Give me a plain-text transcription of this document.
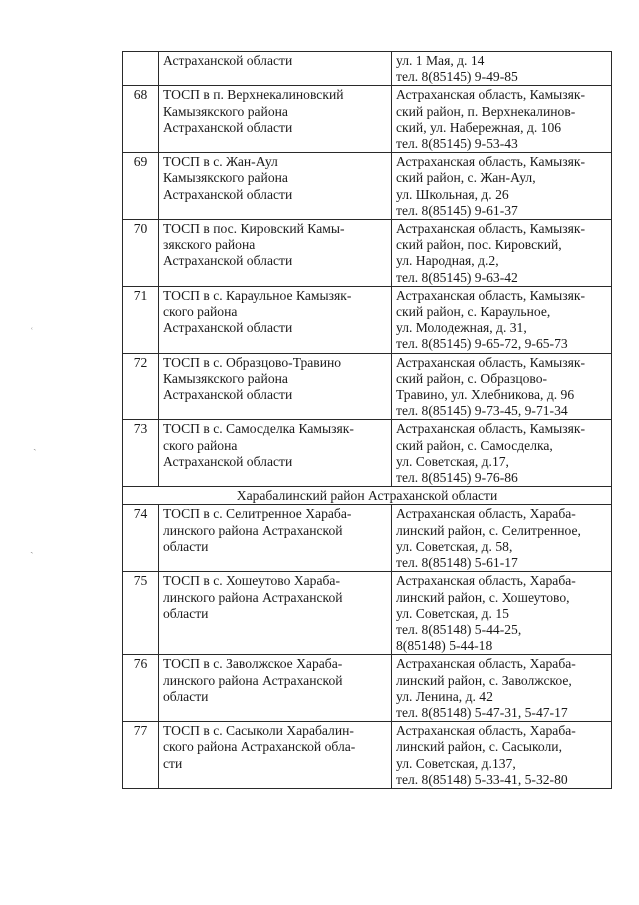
ʿ
ˎ
ˏ

	Астраханской области	ул. 1 Мая, д. 14
тел. 8(85145) 9-49-85

68	ТОСП в п. Верхнекалиновский
Камызякского района
Астраханской области	Астраханская область, Камызяк-
ский район, п. Верхнекалинов-
ский, ул. Набережная, д. 106
тел. 8(85145) 9-53-43

69	ТОСП в с. Жан-Аул
Камызякского района
Астраханской области	Астраханская область, Камызяк-
ский район, с. Жан-Аул,
ул. Школьная, д. 26
тел. 8(85145) 9-61-37

70	ТОСП в пос. Кировский Камы-
зякского района
Астраханской области	Астраханская область, Камызяк-
ский район, пос. Кировский,
ул. Народная, д.2,
тел. 8(85145) 9-63-42

71	ТОСП в с. Караульное Камызяк-
ского района
Астраханской области	Астраханская область, Камызяк-
ский район, с. Караульное,
ул. Молодежная, д. 31,
тел. 8(85145) 9-65-72, 9-65-73

72	ТОСП в с. Образцово-Травино
Камызякского района
Астраханской области	Астраханская область, Камызяк-
ский район, с. Образцово-
Травино, ул. Хлебникова, д. 96
тел. 8(85145) 9-73-45, 9-71-34

73	ТОСП в с. Самосделка Камызяк-
ского района
Астраханской области	Астраханская область, Камызяк-
ский район, с. Самосделка,
ул. Советская, д.17,
тел. 8(85145) 9-76-86

Харабалинский район Астраханской области		
74	ТОСП в с. Селитренное Хараба-
линского района Астраханской
области	Астраханская область, Хараба-
линский район, с. Селитренное,
ул. Советская, д. 58,
тел. 8(85148) 5-61-17

75	ТОСП в с. Хошеутово Хараба-
линского района Астраханской
области	Астраханская область, Хараба-
линский район, с. Хошеутово,
ул. Советская, д. 15
тел. 8(85148) 5-44-25,
8(85148) 5-44-18

76	ТОСП в с. Заволжское Хараба-
линского района Астраханской
области	Астраханская область, Хараба-
линский район, с. Заволжское,
ул. Ленина, д. 42
тел. 8(85148) 5-47-31, 5-47-17

77	ТОСП в с. Сасыколи Харабалин-
ского района Астраханской обла-
сти	Астраханская область, Хараба-
линский район, с. Сасыколи,
ул. Советская, д.137,
тел. 8(85148) 5-33-41, 5-32-80
